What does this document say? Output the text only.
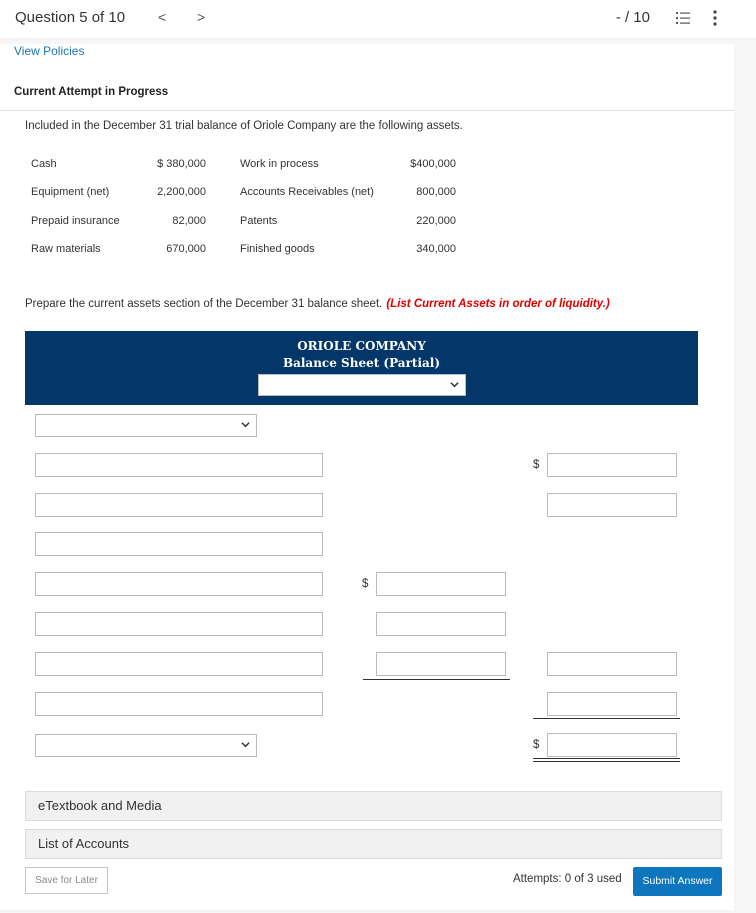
Question 5 of 10 < >	- / 10
View Policies
Current Attempt in Progress
Included in the December 31 trial balance of Oriole Company are the following assets.
Cash	$ 380,000	Work in process	$400,000
Equipment (net)	2,200,000	Accounts Receivables (net)	800,000
Prepaid insurance	82,000	Patents	220,000
Raw materials	670,000	Finished goods	340,000
Prepare the current assets section of the December 31 balance sheet. (List Current Assets in order of liquidity.)
ORIOLE COMPANY
Balance Sheet (Partial)
$
$
$
eTextbook and Media
List of Accounts
Save for Later	Attempts: 0 of 3 used	Submit Answer
